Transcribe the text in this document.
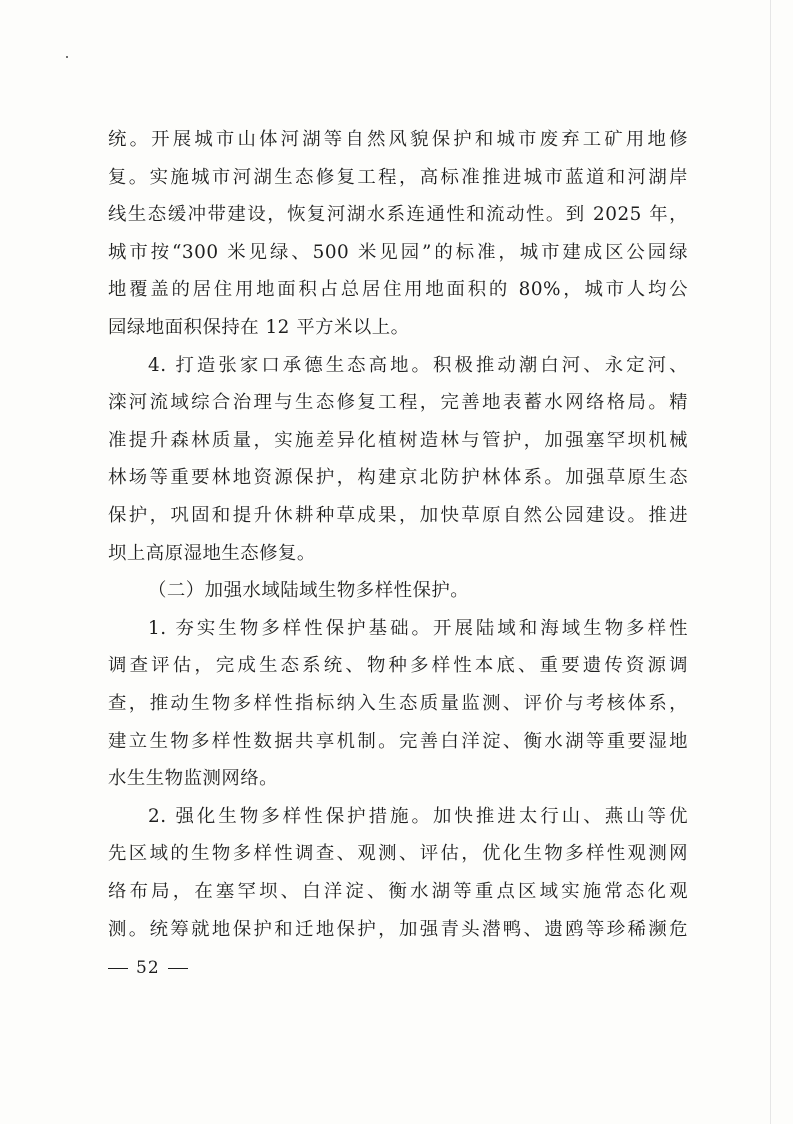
统。开展城市山体河湖等自然风貌保护和城市废弃工矿用地修
复。实施城市河湖生态修复工程，高标准推进城市蓝道和河湖岸
线生态缓冲带建设，恢复河湖水系连通性和流动性。到 2025 年，
城市按“300 米见绿、500 米见园”的标准，城市建成区公园绿
地覆盖的居住用地面积占总居住用地面积的 80%，城市人均公
园绿地面积保持在 12 平方米以上。
4. 打造张家口承德生态高地。积极推动潮白河、永定河、
滦河流域综合治理与生态修复工程，完善地表蓄水网络格局。精
准提升森林质量，实施差异化植树造林与管护，加强塞罕坝机械
林场等重要林地资源保护，构建京北防护林体系。加强草原生态
保护，巩固和提升休耕种草成果，加快草原自然公园建设。推进
坝上高原湿地生态修复。
（二）加强水域陆域生物多样性保护。
1. 夯实生物多样性保护基础。开展陆域和海域生物多样性
调查评估，完成生态系统、物种多样性本底、重要遗传资源调
查，推动生物多样性指标纳入生态质量监测、评价与考核体系，
建立生物多样性数据共享机制。完善白洋淀、衡水湖等重要湿地
水生生物监测网络。
2. 强化生物多样性保护措施。加快推进太行山、燕山等优
先区域的生物多样性调查、观测、评估，优化生物多样性观测网
络布局，在塞罕坝、白洋淀、衡水湖等重点区域实施常态化观
测。统筹就地保护和迁地保护，加强青头潜鸭、遗鸥等珍稀濒危
52
